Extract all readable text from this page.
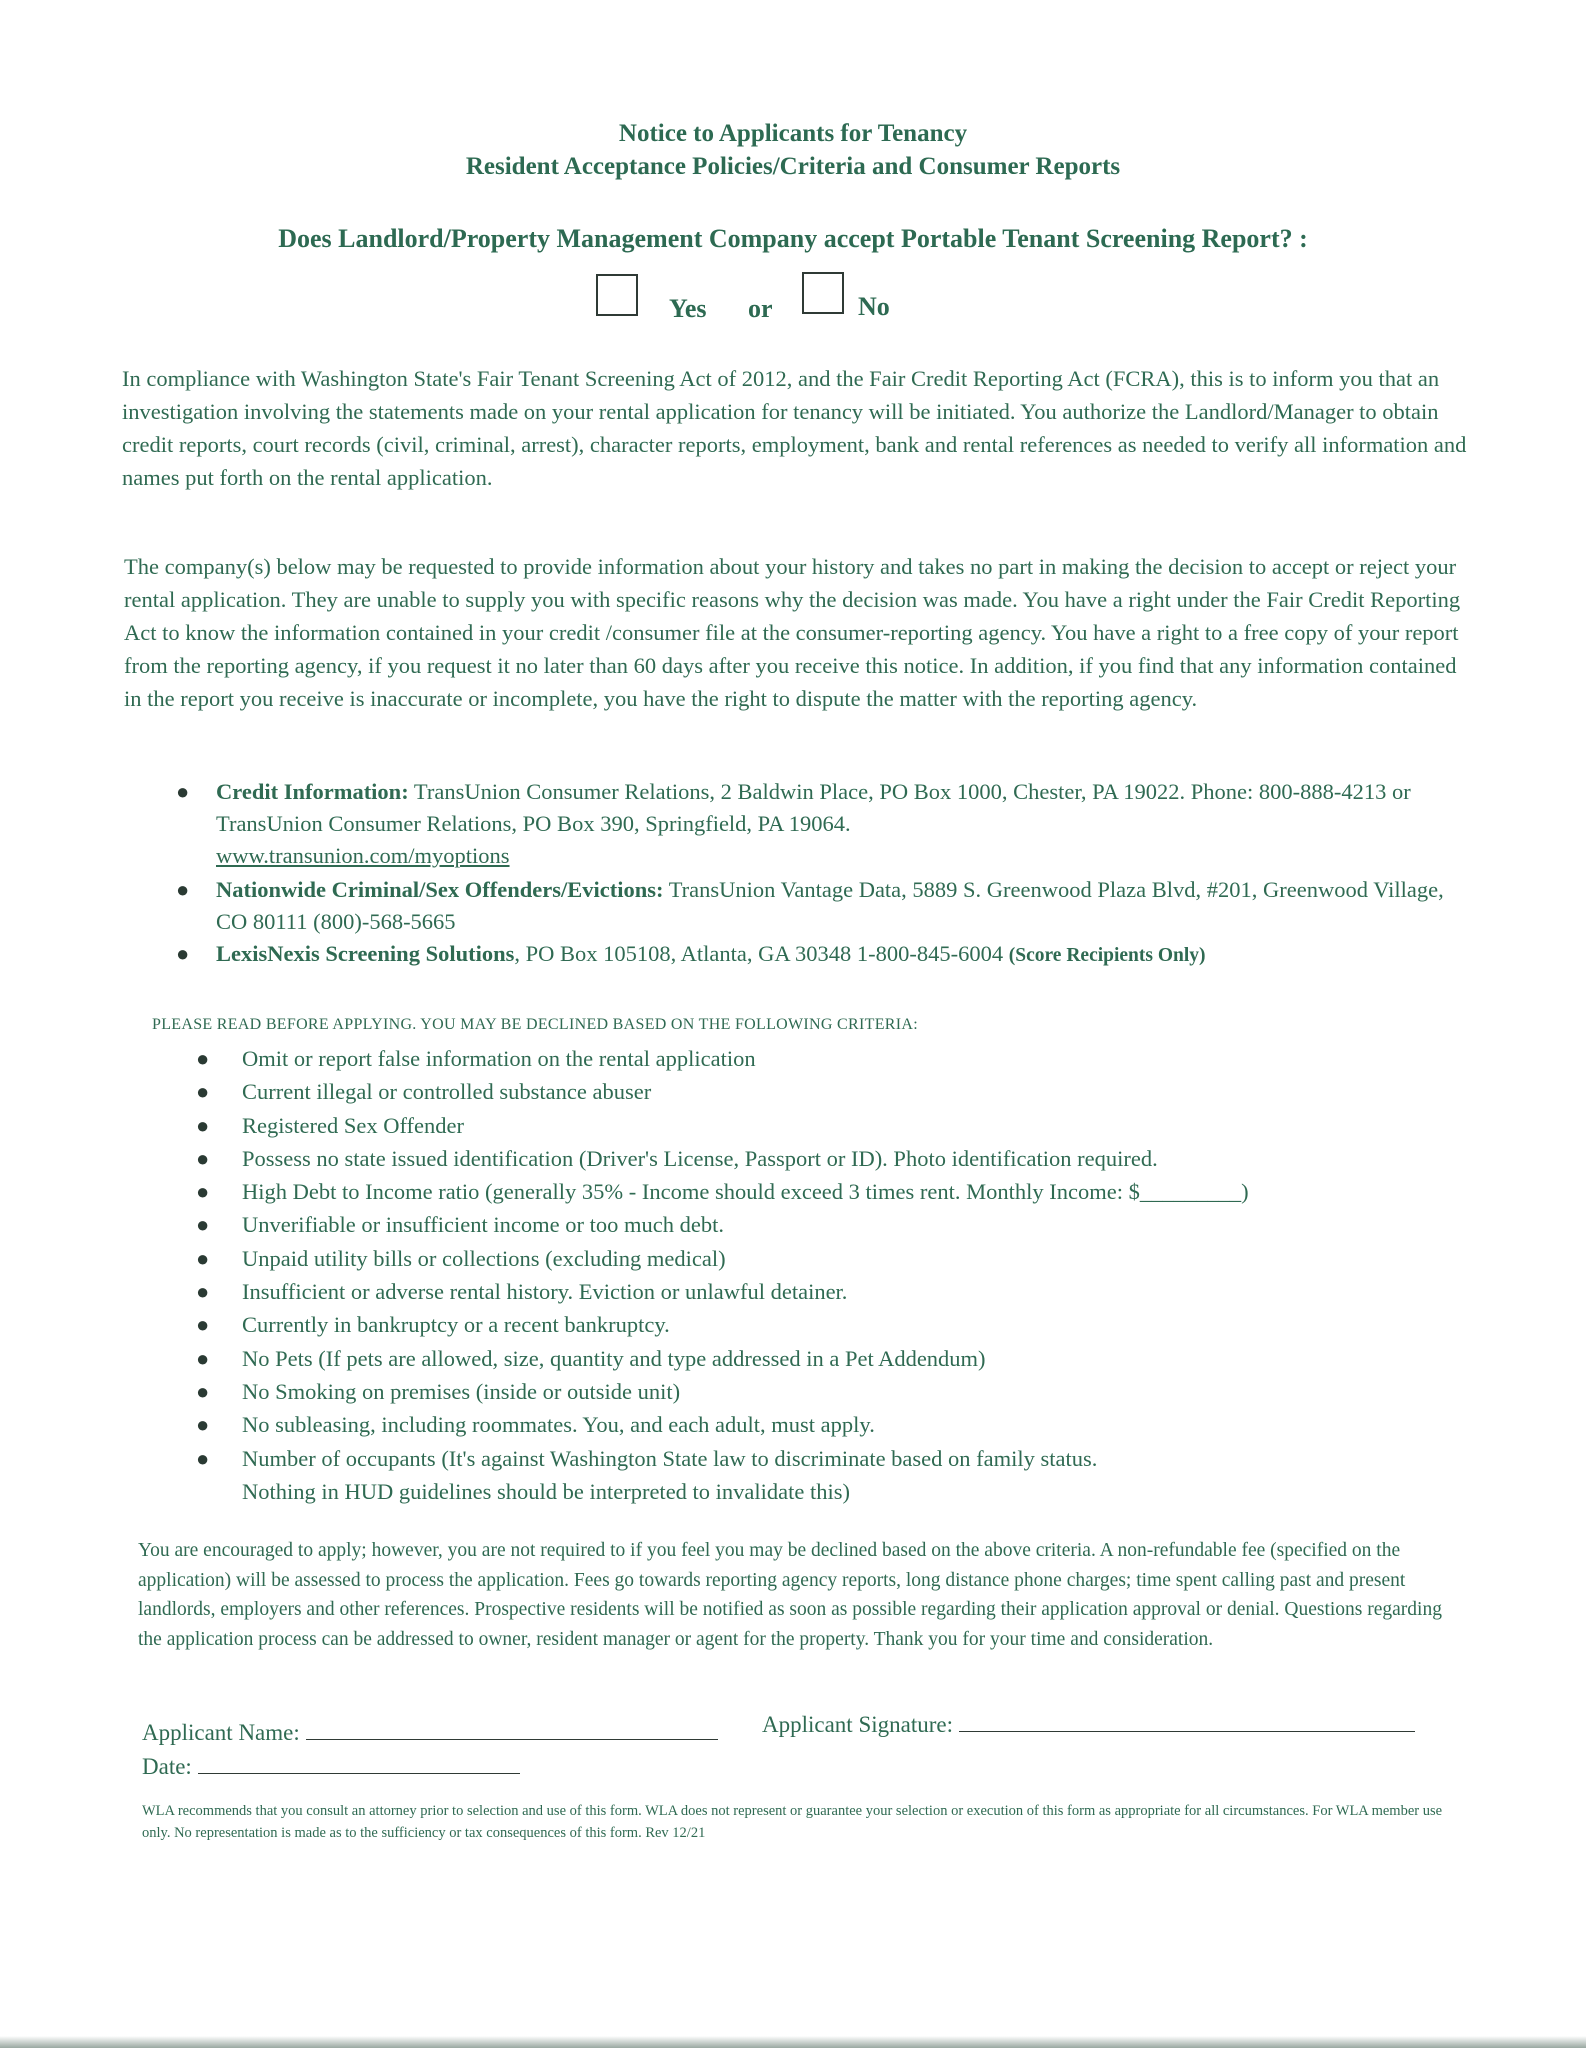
Notice to Applicants for Tenancy
Resident Acceptance Policies/Criteria and Consumer Reports
Does Landlord/Property Management Company accept Portable Tenant Screening Report? :
Yes or	No
In compliance with Washington State's Fair Tenant Screening Act of 2012, and the Fair Credit Reporting Act (FCRA), this is to inform you that an investigation involving the statements made on your rental application for tenancy will be initiated. You authorize the Landlord/Manager to obtain credit reports, court records (civil, criminal, arrest), character reports, employment, bank and rental references as needed to verify all information and names put forth on the rental application.
The company(s) below may be requested to provide information about your history and takes no part in making the decision to accept or reject your rental application. They are unable to supply you with specific reasons why the decision was made. You have a right under the Fair Credit Reporting Act to know the information contained in your credit /consumer file at the consumer-reporting agency. You have a right to a free copy of your report from the reporting agency, if you request it no later than 60 days after you receive this notice. In addition, if you find that any information contained in the report you receive is inaccurate or incomplete, you have the right to dispute the matter with the reporting agency.
● Credit Information: TransUnion Consumer Relations, 2 Baldwin Place, PO Box 1000, Chester, PA 19022. Phone: 800-888-4213 or TransUnion Consumer Relations, PO Box 390, Springfield, PA 19064.
www.transunion.com/myoptions
● Nationwide Criminal/Sex Offenders/Evictions: TransUnion Vantage Data, 5889 S. Greenwood Plaza Blvd, #201, Greenwood Village, CO 80111 (800)-568-5665
● LexisNexis Screening Solutions, PO Box 105108, Atlanta, GA 30348 1-800-845-6004 (Score Recipients Only)
PLEASE READ BEFORE APPLYING. YOU MAY BE DECLINED BASED ON THE FOLLOWING CRITERIA:
● Omit or report false information on the rental application
● Current illegal or controlled substance abuser
● Registered Sex Offender
● Possess no state issued identification (Driver's License, Passport or ID). Photo identification required.
● High Debt to Income ratio (generally 35% - Income should exceed 3 times rent. Monthly Income: $_________)
● Unverifiable or insufficient income or too much debt.
● Unpaid utility bills or collections (excluding medical)
● Insufficient or adverse rental history. Eviction or unlawful detainer.
● Currently in bankruptcy or a recent bankruptcy.
● No Pets (If pets are allowed, size, quantity and type addressed in a Pet Addendum)
● No Smoking on premises (inside or outside unit)
● No subleasing, including roommates. You, and each adult, must apply.
● Number of occupants (It's against Washington State law to discriminate based on family status.
Nothing in HUD guidelines should be interpreted to invalidate this)
You are encouraged to apply; however, you are not required to if you feel you may be declined based on the above criteria. A non-refundable fee (specified on the application) will be assessed to process the application. Fees go towards reporting agency reports, long distance phone charges; time spent calling past and present landlords, employers and other references. Prospective residents will be notified as soon as possible regarding their application approval or denial. Questions regarding the application process can be addressed to owner, resident manager or agent for the property. Thank you for your time and consideration.
Applicant Name:	Applicant Signature:
Date:
WLA recommends that you consult an attorney prior to selection and use of this form. WLA does not represent or guarantee your selection or execution of this form as appropriate for all circumstances. For WLA member use only. No representation is made as to the sufficiency or tax consequences of this form. Rev 12/21
